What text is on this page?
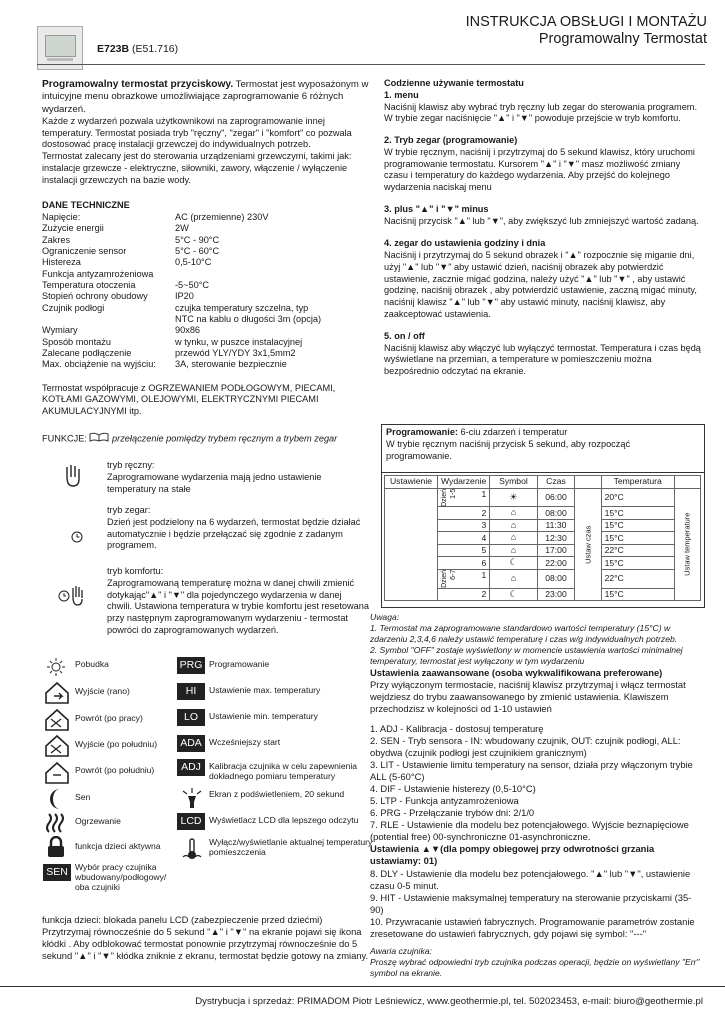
INSTRUKCJA OBSŁUGI I MONTAŻU
Programowalny Termostat
E723B (E51.716)

Programowalny termostat przyciskowy. Termostat jest wyposażonym w intuicyjne menu obrazkowe umożliwiające zaprogramowanie 6 różnych wydarzeń.

Każde z wydarzeń pozwala użytkownikowi na zaprogramowanie innej temperatury. Termostat posiada tryb "ręczny", "zegar" i "komfort" co pozwala dostosować pracę instalacji grzewczej do indywidualnych potrzeb.

Termostat zalecany jest do sterowania urządzeniami grzewczymi, takimi jak: instalacje grzewcze - elektryczne, siłowniki, zawory, włączenie / wyłączenie instalacji grzewczych na bazie wody.

DANE TECHNICZNE

Napięcie:	AC (przemienne) 230V
Zużycie energii	2W
Zakres	5°C - 90°C
Ograniczenie sensor	5°C - 60°C
Histereza	0,5-10°C
Funkcja antyzamrożeniowa	
Temperatura otoczenia	-5~50°C
Stopień ochrony obudowy	IP20
Czujnik podłogi	czujka temperatury szczelna, typ
	NTC na kablu o długości 3m (opcja)
Wymiary	90x86
Sposób montażu	w tynku, w puszce instalacyjnej
Zalecane podłączenie	przewód YLY/YDY 3x1,5mm2
Max. obciążenie na wyjściu:	3A, sterowanie bezpiecznie

Termostat współpracuje z OGRZEWANIEM PODŁOGOWYM, PIECAMI, KOTŁAMI GAZOWYMI, OLEJOWYMI, ELEKTRYCZNYMI PIECAMI AKUMULACYJNYMI itp.

FUNKCJE:	przełączenie pomiędzy trybem ręcznym a trybem zegar

tryb ręczny:

Zaprogramowane wydarzenia mają jedno ustawienie temperatury na stałe

tryb zegar:

Dzień jest podzielony na 6 wydarzeń, termostat będzie działać automatycznie i będzie przełączać się zgodnie z zadanym programem.

tryb komfortu:

Zaprogramowaną temperaturę można w danej chwili zmienić dotykając"▲" i "▼" dla pojedynczego wydarzenia w danej chwili. Ustawiona temperatura w trybie komfortu jest resetowana przy następnym zaprogramowanym wydarzeniu - termostat powróci do zaprogramowanych wydarzeń.

SEN
Pobudka
Wyjście (rano)
Powrót (po pracy)
Wyjście (po południu)
Powrót (po południu)
Sen
Ogrzewanie
funkcja dzieci aktywna
Wybór pracy czujnika wbudowany/podłogowy/ oba czujniki
PRG Programowanie
HI	Ustawienie max. temperatury
LO	Ustawienie min. temperatury
ADA Wcześniejszy start
ADJ Kalibracja czujnika w celu zapewnienia dokładnego pomiaru temperatury
Ekran z podświetleniem, 20 sekund
LCD Wyświetlacz LCD dla lepszego odczytu
Wyłącz/wyświetlanie aktualnej temperatury pomieszczenia

funkcja dzieci: blokada panelu LCD (zabezpieczenie przed dziećmi) Przytrzymaj równocześnie do 5 sekund "▲" i "▼" na ekranie pojawi się ikona kłódki . Aby odblokować termostat ponownie przytrzymaj równocześnie do 5 sekund "▲" i "▼" kłódka zniknie z ekranu, termostat będzie gotowy na zmiany.

Codzienne używanie termostatu

1. menu

Naciśnij klawisz aby wybrać tryb ręczny lub zegar do sterowania programem. W trybie zegar naciśnięcie "▲" i "▼" powoduje przejście w tryb komfortu.

2. Tryb zegar (programowanie)

W trybie ręcznym, naciśnij i przytrzymaj do 5 sekund klawisz, który uruchomi programowanie termostatu. Kursorem "▲" i "▼" masz możliwość zmiany czasu i temperatury do każdego wydarzenia. Aby przejść do kolejnego wydarzenia naciskaj menu

3. plus "▲" i "▼" minus

Naciśnij przycisk "▲" lub "▼", aby zwiększyć lub zmniejszyć wartość zadaną.

4. zegar do ustawienia godziny i dnia

Naciśnij i przytrzymaj do 5 sekund obrazek i "▲" rozpocznie się miganie dni, użyj "▲" lub "▼" aby ustawić dzień, naciśnij obrazek aby potwierdzić ustawienie, zacznie migać godzina, należy użyć "▲" lub "▼" , aby ustawić godzinę, naciśnij obrazek , aby potwierdzić ustawienie, zaczną migać minuty, naciśnij klawisz "▲" lub "▼" aby ustawić minuty, naciśnij klawisz, aby zaakceptować ustawienia.

5. on / off

Naciśnij klawisz aby włączyć lub wyłączyć termostat. Temperatura i czas będą wyświetlane na przemian, a temperature w pomieszczeniu można bezpośrednio odczytać na ekranie.

Programowanie: 6-ciu zdarzeń i temperatur

W trybie ręcznym naciśnij przycisk 5 sekund, aby rozpocząć programowanie.

Ustawienie	Wydarzenie	Symbol	Czas		Temperatura	

	Dzień 1-5 1	☀	06:00	Ustaw czas	20°C	Ustaw temperature
	2	⌂	08:00		15°C	
	3	⌂	11:30		15°C	
	4	⌂	12:30		15°C	
	5	⌂	17:00		22°C	
	6	☾	22:00		15°C	

	Dzień 6-7 1	⌂	08:00		22°C	
	2	☾	23:00		15°C	

Uwaga:

1. Termostat ma zaprogramowane standardowo wartości temperatury (15°C) w zdarzeniu 2,3,4,6 należy ustawić temperaturę i czas w/g indywidualnych potrzeb.

2. Symbol "OFF" zostaje wyświetlony w momencie ustawienia wartości minimalnej temperatury, termostat jest wyłączony w tym wydarzeniu

Ustawienia zaawansowane (osoba wykwalifikowana preferowane)

Przy wyłączonym termostacie, naciśnij klawisz przytrzymaj i włącz termostat wejdziesz do trybu zaawansowanego by zmienić ustawienia. Klawiszem przechodzisz w kolejności od 1-10 ustawień

1. ADJ - Kalibracja - dostosuj temperaturę

2. SEN - Tryb sensora - IN: wbudowany czujnik, OUT: czujnik podłogi, ALL: obydwa (czujnik podłogi jest czujnikiem granicznym)

3. LIT - Ustawienie limitu temperatury na sensor, działa przy włączonym trybie ALL (5-60°C)

4. DIF - Ustawienie histerezy (0,5-10°C)

5. LTP - Funkcja antyzamrożeniowa

6. PRG - Przełączanie trybów dni: 2/1/0

7. RLE - Ustawienie dla modelu bez potencjałowego. Wyjście beznapięciowe (potential free) 00-synchroniczne 01-asynchroniczne.

Ustawienia ▲▼(dla pompy obiegowej przy odwrotności grzania ustawiamy: 01)

8. DLY - Ustawienie dla modelu bez potencjałowego. "▲" lub "▼", ustawienie czasu 0-5 minut.

9. HIT - Ustawienie maksymalnej temperatury na sterowanie przyciskami (35-90)

10. Przywracanie ustawień fabrycznych. Programowanie parametrów zostanie zresetowane do ustawień fabrycznych, gdy pojawi się symbol: "---"

Awaria czujnika:

Proszę wybrać odpowiedni tryb czujnika podczas operacji, będzie on wyświetlany "Err" symbol na ekranie.

Dystrybucja i sprzedaż: PRIMADOM Piotr Leśniewicz, www.geothermie.pl, tel. 502023453, e-mail: biuro@geothermie.pl
